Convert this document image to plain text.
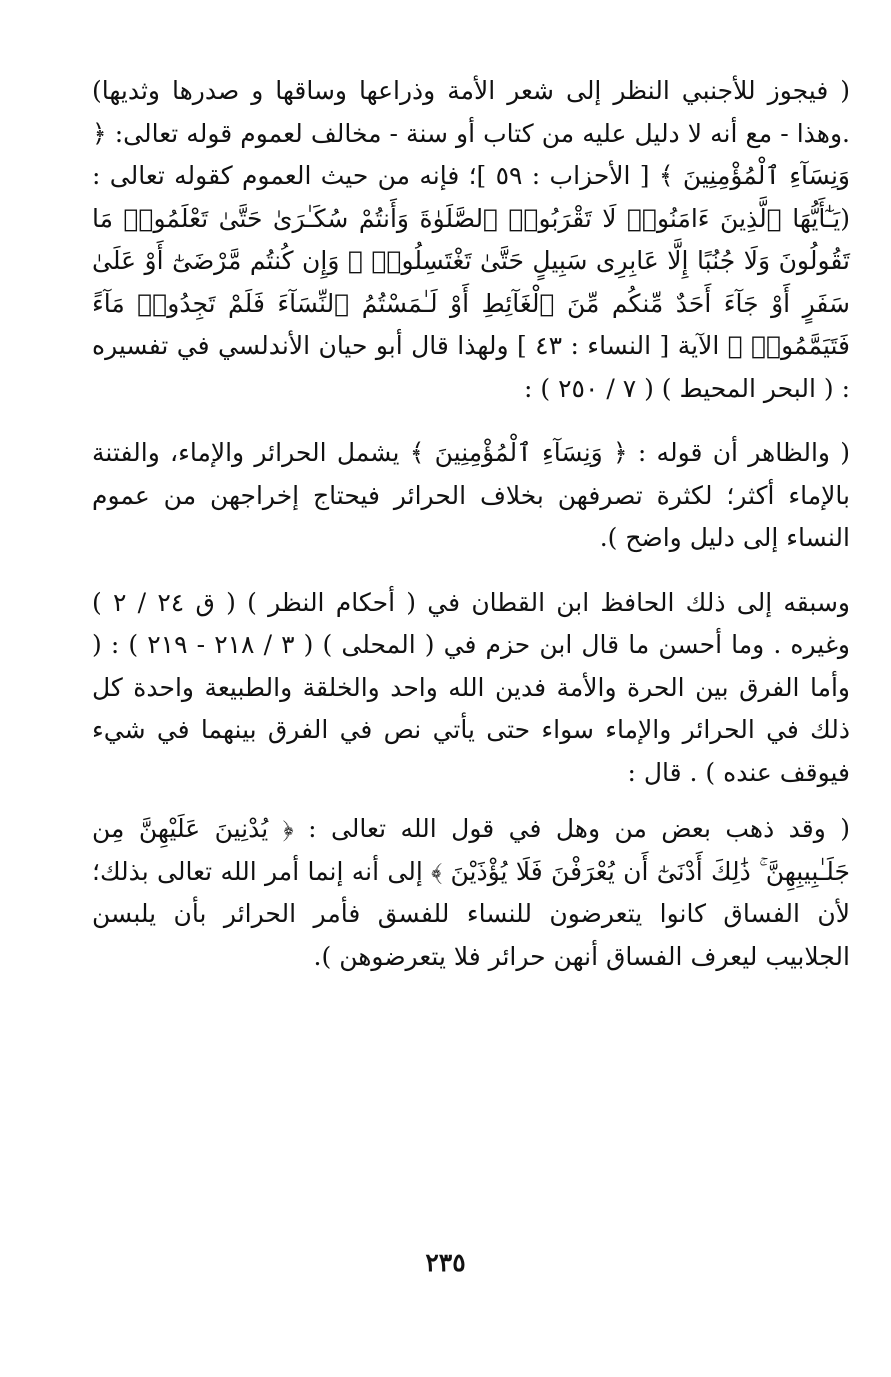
( فيجوز للأجنبي النظر إلى شعر الأمة وذراعها وساقها و صدرها وثديها) .وهذا - مع أنه لا دليل عليه من كتاب أو سنة - مخالف لعموم قوله تعالى: ﴿ وَنِسَآءِ ٱلْمُؤْمِنِينَ ﴾ [ الأحزاب : ٥٩ ]؛ فإنه من حيث العموم كقوله تعالى : (يَـٰٓأَيُّهَا ٱلَّذِينَ ءَامَنُوا۟ لَا تَقْرَبُوا۟ ٱلصَّلَوٰةَ وَأَنتُمْ سُكَـٰرَىٰ حَتَّىٰ تَعْلَمُوا۟ مَا تَقُولُونَ وَلَا جُنُبًا إِلَّا عَابِرِى سَبِيلٍ حَتَّىٰ تَغْتَسِلُوا۟ ۚ وَإِن كُنتُم مَّرْضَىٰٓ أَوْ عَلَىٰ سَفَرٍ أَوْ جَآءَ أَحَدٌ مِّنكُم مِّنَ ٱلْغَآئِطِ أَوْ لَـٰمَسْتُمُ ٱلنِّسَآءَ فَلَمْ تَجِدُوا۟ مَآءً فَتَيَمَّمُوا۟ ﴾ الآية [ النساء : ٤٣ ] ولهذا قال أبو حيان الأندلسي في تفسيره : ( البحر المحيط ) ( ٧ / ٢٥٠ ) :

( والظاهر أن قوله : ﴿ وَنِسَآءِ ٱلْمُؤْمِنِينَ ﴾ يشمل الحرائر والإماء، والفتنة بالإماء أكثر؛ لكثرة تصرفهن بخلاف الحرائر فيحتاج إخراجهن من عموم النساء إلى دليل واضح ).

وسبقه إلى ذلك الحافظ ابن القطان في ( أحكام النظر ) ( ق ٢٤ / ٢ ) وغيره . وما أحسن ما قال ابن حزم في ( المحلى ) ( ٣ / ٢١٨ - ٢١٩ ) : ( وأما الفرق بين الحرة والأمة فدين الله واحد والخلقة والطبيعة واحدة كل ذلك في الحرائر والإماء سواء حتى يأتي نص في الفرق بينهما في شيء فيوقف عنده ) . قال :

( وقد ذهب بعض من وهل في قول الله تعالى : ﴿ يُدْنِينَ عَلَيْهِنَّ مِن جَلَـٰبِيبِهِنَّ ۚ ذَٰلِكَ أَدْنَىٰٓ أَن يُعْرَفْنَ فَلَا يُؤْذَيْنَ ﴾ إلى أنه إنما أمر الله تعالى بذلك؛لأن الفساق كانوا يتعرضون للنساء للفسق فأمر الحرائر بأن يلبسن الجلابيب ليعرف الفساق أنهن حرائر فلا يتعرضوهن ).

٢٣٥
